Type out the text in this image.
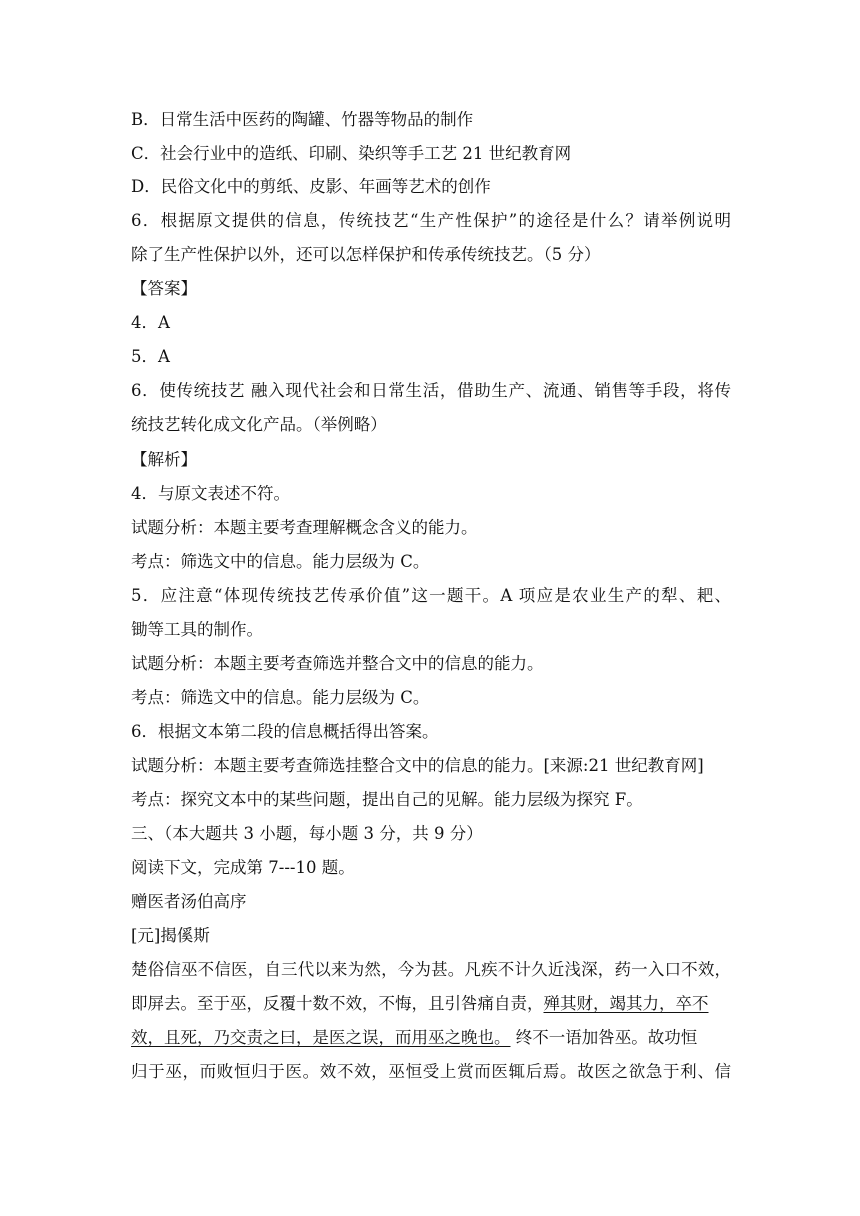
B．日常生活中医药的陶罐、竹器等物品的制作
C．社会行业中的造纸、印刷、染织等手工艺 21 世纪教育网
D．民俗文化中的剪纸、皮影、年画等艺术的创作
6．根据原文提供的信息，传统技艺“生产性保护”的途径是什么？请举例说明
除了生产性保护以外，还可以怎样保护和传承传统技艺。（5 分）
【答案】
4．A
5．A
6．使传统技艺 融入现代社会和日常生活，借助生产、流通、销售等手段，将传
统技艺转化成文化产品。（举例略）
【解析】
4．与原文表述不符。
试题分析：本题主要考查理解概念含义的能力。
考点：筛选文中的信息。能力层级为 C。
5．应注意“体现传统技艺传承价值”这一题干。A 项应是农业生产的犁、耙、
锄等工具的制作。
试题分析：本题主要考查筛选并整合文中的信息的能力。
考点：筛选文中的信息。能力层级为 C。
6．根据文本第二段的信息概括得出答案。
试题分析：本题主要考查筛选挂整合文中的信息的能力。[来源:21 世纪教育网]
考点：探究文本中的某些问题，提出自己的见解。能力层级为探究 F。
三、（本大题共 3 小题，每小题 3 分，共 9 分）
阅读下文，完成第 7---10 题。
赠医者汤伯高序
[元]揭傒斯
楚俗信巫不信医，自三代以来为然，今为甚。凡疾不计久近浅深，药一入口不效，
即屏去。至于巫，反覆十数不效，不悔，且引咎痛自责，殚其财，竭其力，卒不
效，且死，乃交责之曰，是医之误，而用巫之晚也。 终不一语加咎巫。故功恒
归于巫，而败恒归于医。效不效，巫恒受上赏而医辄后焉。故医之欲急于利、信
